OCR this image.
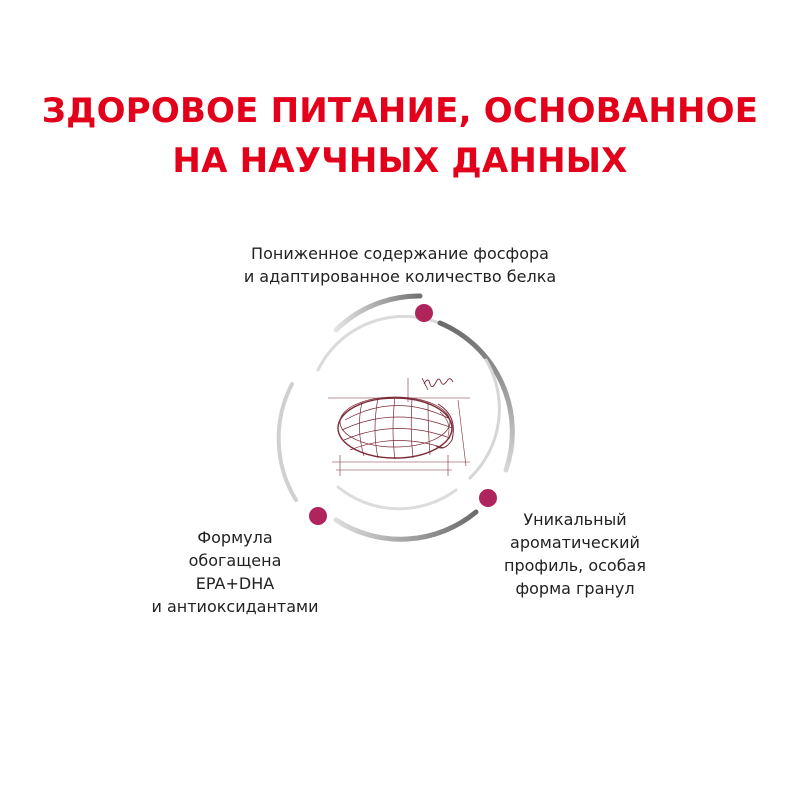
ЗДОРОВОЕ ПИТАНИЕ, ОСНОВАННОЕ
НА НАУЧНЫХ ДАННЫХ
Пониженное содержание фосфора
и адаптированное количество белка
Формула
обогащена
EPA+DHA
и антиоксидантами
Уникальный
ароматический
профиль, особая
форма гранул
